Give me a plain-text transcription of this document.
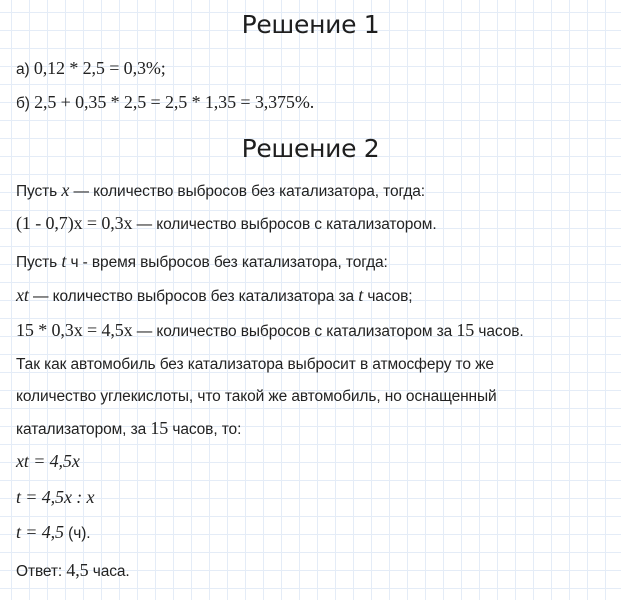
Решение 1
а) 0,12 * 2,5 = 0,3%;
б) 2,5 + 0,35 * 2,5 = 2,5 * 1,35 = 3,375%.
Решение 2
Пусть x — количество выбросов без катализатора, тогда:
(1 - 0,7)x = 0,3x — количество выбросов с катализатором.
Пусть t ч - время выбросов без катализатора, тогда:
xt — количество выбросов без катализатора за t часов;
15 * 0,3x = 4,5x — количество выбросов с катализатором за 15 часов.
Так как автомобиль без катализатора выбросит в атмосферу то же
количество углекислоты, что такой же автомобиль, но оснащенный
катализатором, за 15 часов, то:
xt = 4,5x
t = 4,5x : x
t = 4,5 (ч).
Ответ: 4,5 часа.
